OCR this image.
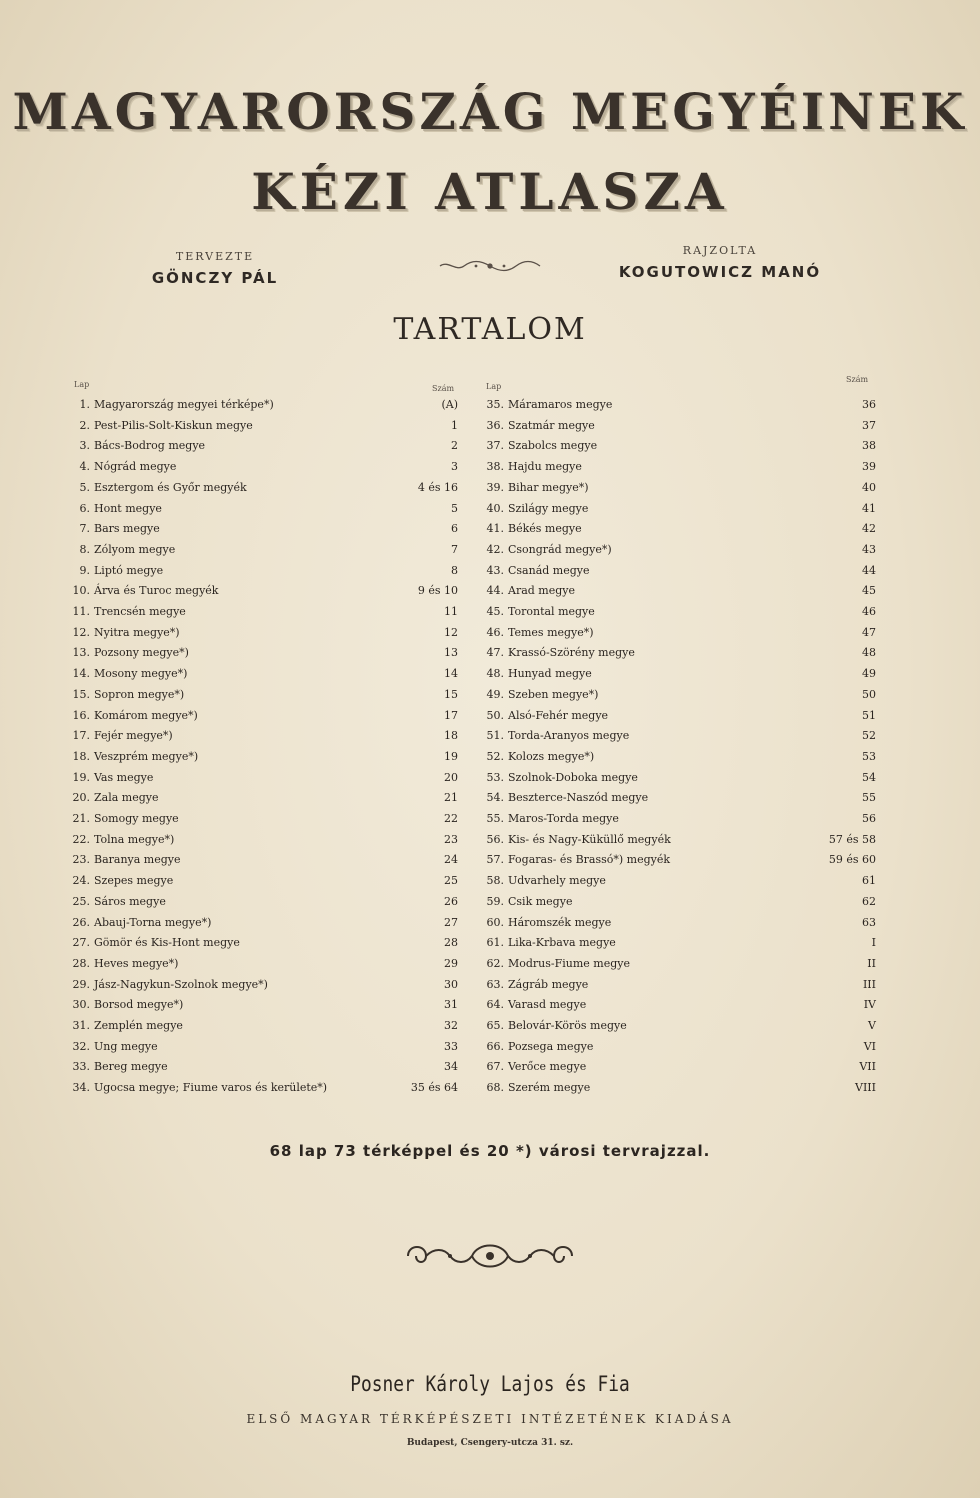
MAGYARORSZÁG MEGYÉINEK
KÉZI ATLASZA
TERVEZTE
GÖNCZY PÁL
RAJZOLTA
KOGUTOWICZ MANÓ
TARTALOM
Lap	Szám	Lap
Szám
1. Magyarország megyei térképe*)	(A)
2. Pest-Pilis-Solt-Kiskun megye	1
3. Bács-Bodrog megye	2
4. Nógrád megye	3
5. Esztergom és Győr megyék	4 és 16
6. Hont megye	5
7. Bars megye	6
8. Zólyom megye	7
9. Liptó megye	8
10. Árva és Turoc megyék	9 és 10
11. Trencsén megye	11
12. Nyitra megye*)	12
13. Pozsony megye*)	13
14. Mosony megye*)	14
15. Sopron megye*)	15
16. Komárom megye*)	17
17. Fejér megye*)	18
18. Veszprém megye*)	19
19. Vas megye	20
20. Zala megye	21
21. Somogy megye	22
22. Tolna megye*)	23
23. Baranya megye	24
24. Szepes megye	25
25. Sáros megye	26
26. Abauj-Torna megye*)	27
27. Gömör és Kis-Hont megye	28
28. Heves megye*)	29
29. Jász-Nagykun-Szolnok megye*)	30
30. Borsod megye*)	31
31. Zemplén megye	32
32. Ung megye	33
33. Bereg megye	34
34. Ugocsa megye; Fiume varos és kerülete*)	35 és 64
35. Máramaros megye	36
36. Szatmár megye	37
37. Szabolcs megye	38
38. Hajdu megye	39
39. Bihar megye*)	40
40. Szilágy megye	41
41. Békés megye	42
42. Csongrád megye*)	43
43. Csanád megye	44
44. Arad megye	45
45. Torontal megye	46
46. Temes megye*)	47
47. Krassó-Szörény megye	48
48. Hunyad megye	49
49. Szeben megye*)	50
50. Alsó-Fehér megye	51
51. Torda-Aranyos megye	52
52. Kolozs megye*)	53
53. Szolnok-Doboka megye	54
54. Beszterce-Naszód megye	55
55. Maros-Torda megye	56
56. Kis- és Nagy-Küküllő megyék	57 és 58
57. Fogaras- és Brassó*) megyék	59 és 60
58. Udvarhely megye	61
59. Csik megye	62
60. Háromszék megye	63
61. Lika-Krbava megye	I
62. Modrus-Fiume megye	II
63. Zágráb megye	III
64. Varasd megye	IV
65. Belovár-Körös megye	V
66. Pozsega megye	VI
67. Verőce megye	VII
68. Szerém megye	VIII
68 lap 73 térképpel és 20 *) városi tervrajzzal.
Posner Károly Lajos és Fia
ELSŐ MAGYAR TÉRKÉPÉSZETI INTÉZETÉNEK KIADÁSA
Budapest, Csengery-utcza 31. sz.
